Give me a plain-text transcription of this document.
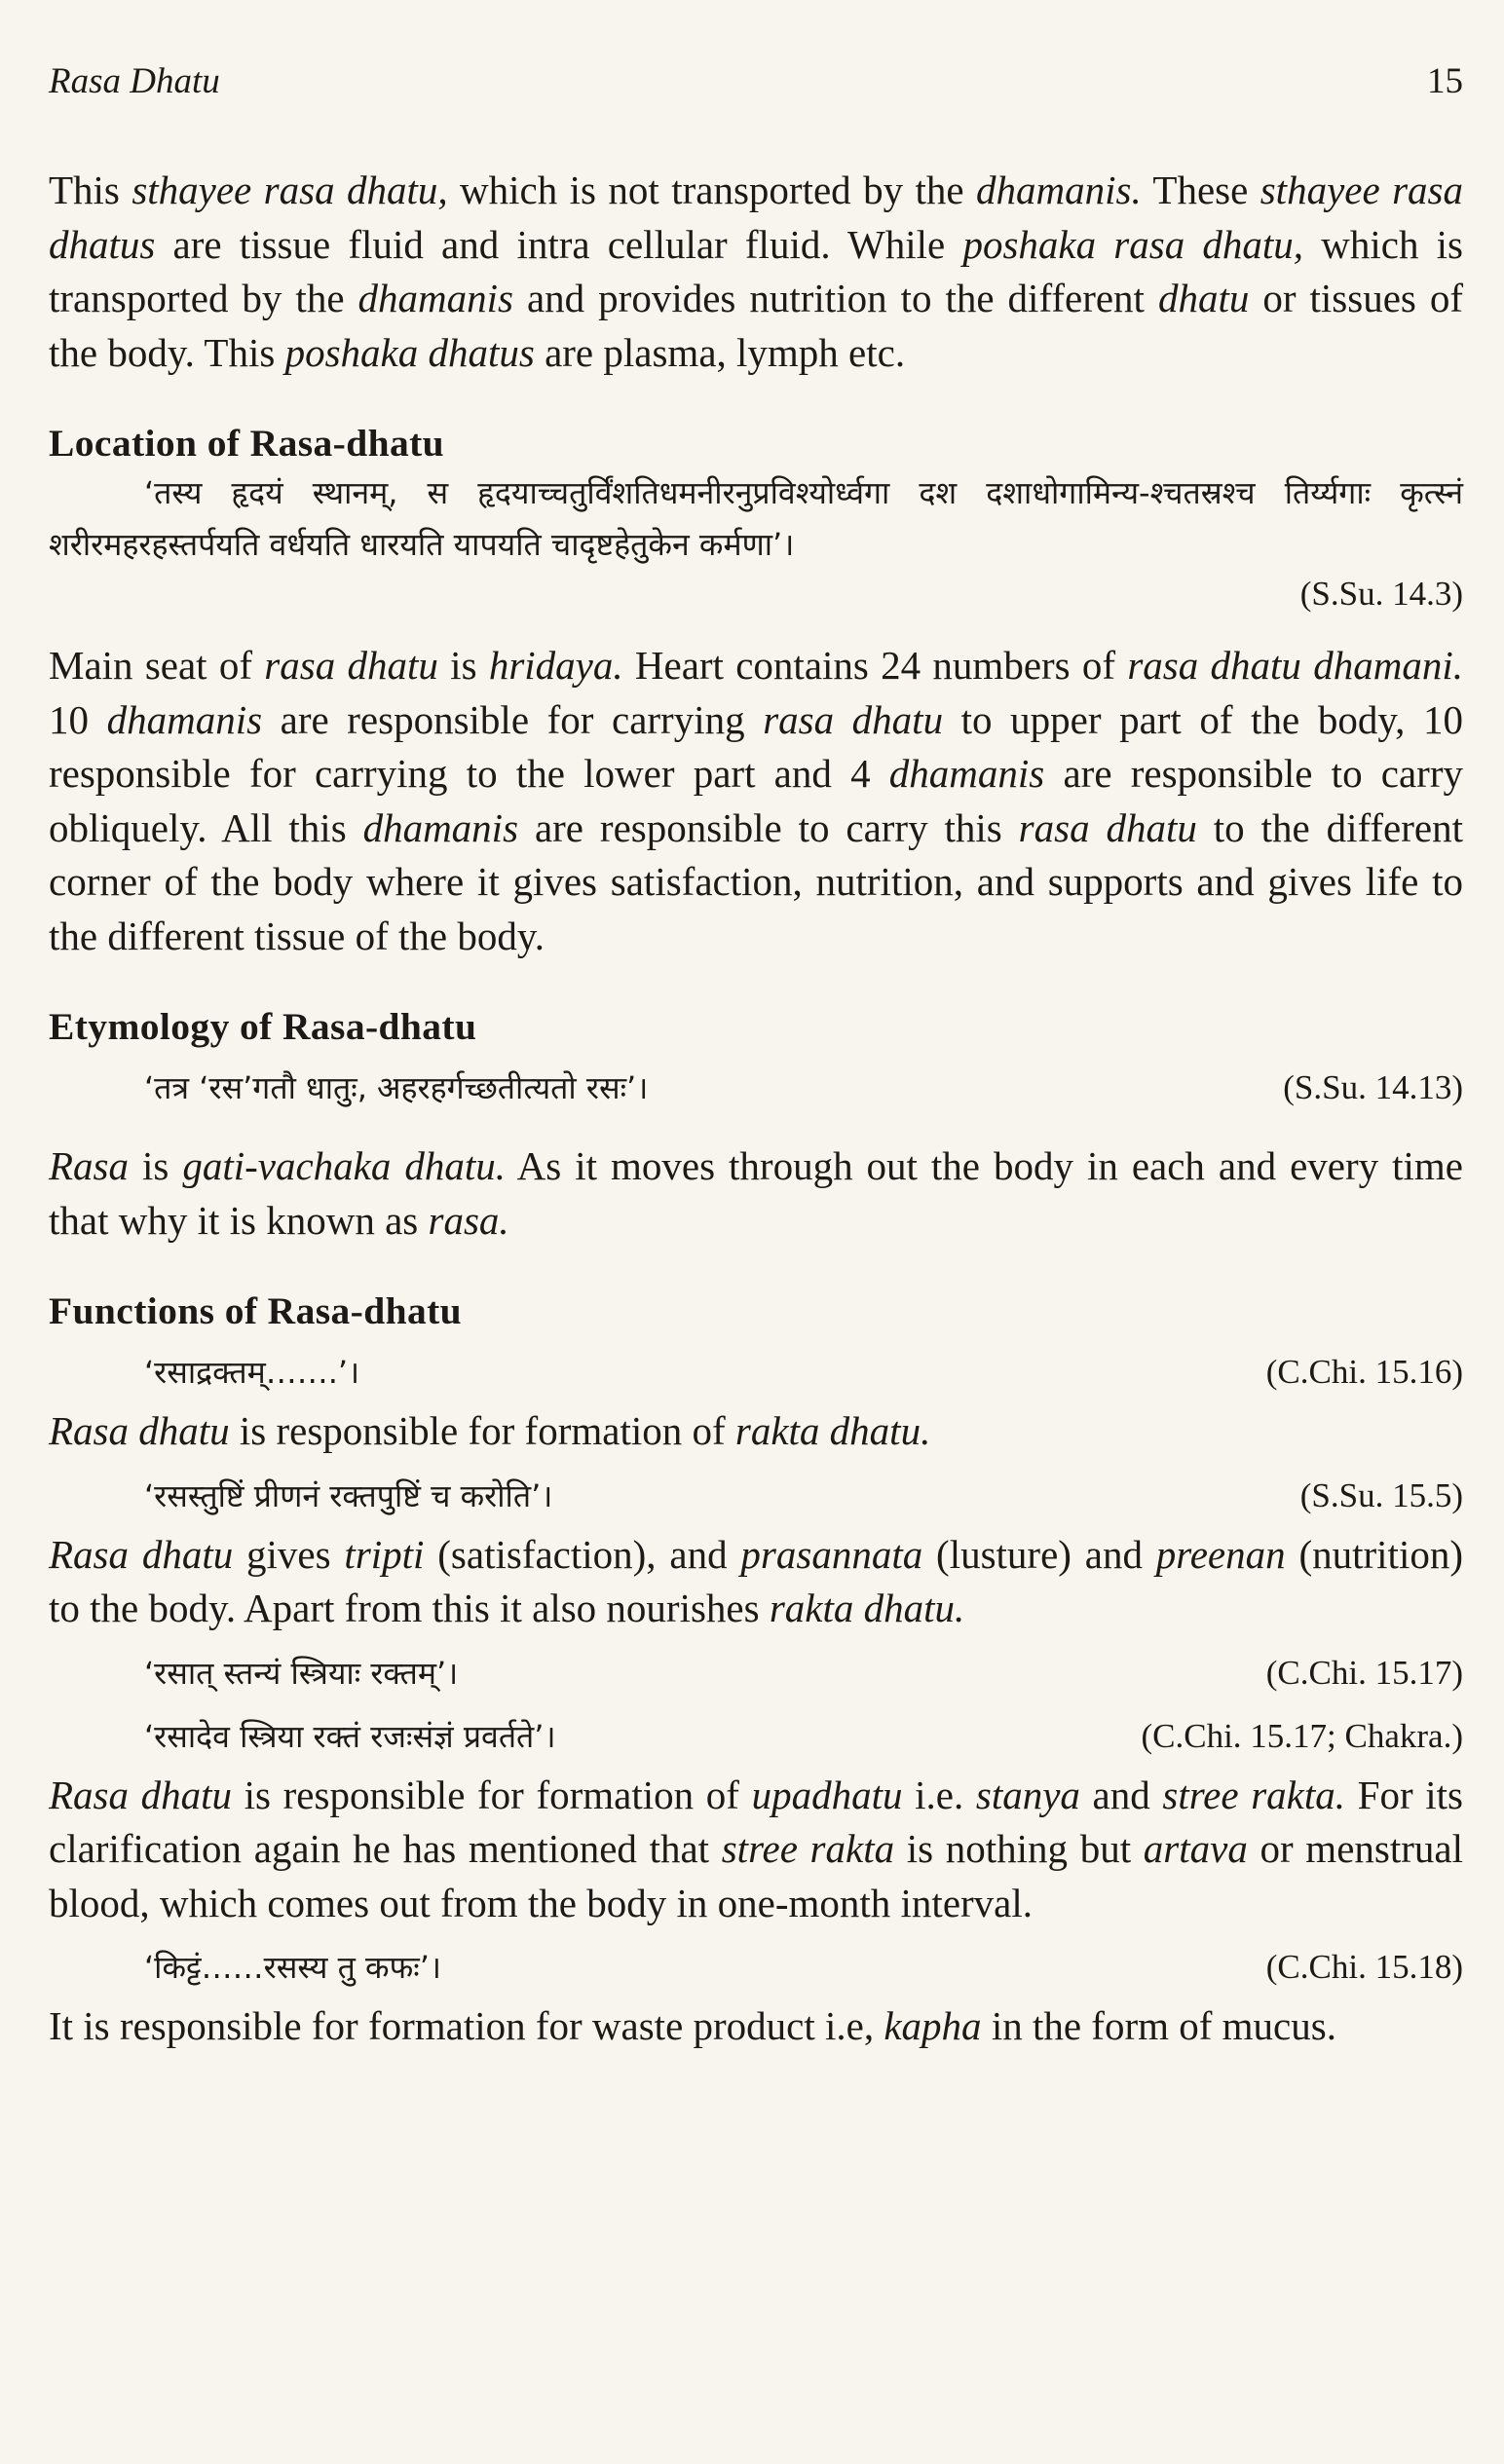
Rasa Dhatu	15

This sthayee rasa dhatu, which is not transported by the dhamanis. These sthayee rasa dhatus are tissue fluid and intra cellular fluid. While poshaka rasa dhatu, which is transported by the dhamanis and provides nutrition to the different dhatu or tissues of the body. This poshaka dhatus are plasma, lymph etc.

Location of Rasa-dhatu

‘तस्य हृदयं स्थानम्, स हृदयाच्चतुर्विंशतिधमनीरनुप्रविश्योर्ध्वगा दश दशाधोगामिन्य-श्चतस्रश्च तिर्य्यगाः कृत्स्नं शरीरमहरहस्तर्पयति वर्धयति धारयति यापयति चादृष्टहेतुकेन कर्मणा’।

(S.Su. 14.3)

Main seat of rasa dhatu is hridaya. Heart contains 24 numbers of rasa dhatu dhamani. 10 dhamanis are responsible for carrying rasa dhatu to upper part of the body, 10 responsible for carrying to the lower part and 4 dhamanis are responsible to carry obliquely. All this dhamanis are responsible to carry this rasa dhatu to the different corner of the body where it gives satisfaction, nutrition, and supports and gives life to the different tissue of the body.

Etymology of Rasa-dhatu
‘तत्र ‘रस’गतौ धातुः, अहरहर्गच्छतीत्यतो रसः’।	(S.Su. 14.13)

Rasa is gati-vachaka dhatu. As it moves through out the body in each and every time that why it is known as rasa.

Functions of Rasa-dhatu
‘रसाद्रक्तम्…….’।	(C.Chi. 15.16)

Rasa dhatu is responsible for formation of rakta dhatu.

‘रसस्तुष्टिं प्रीणनं रक्तपुष्टिं च करोति’।	(S.Su. 15.5)

Rasa dhatu gives tripti (satisfaction), and prasannata (lusture) and preenan (nutrition) to the body. Apart from this it also nourishes rakta dhatu.

‘रसात् स्तन्यं स्त्रियाः रक्तम्’।	(C.Chi. 15.17)
‘रसादेव स्त्रिया रक्तं रजःसंज्ञं प्रवर्तते’।	(C.Chi. 15.17; Chakra.)

Rasa dhatu is responsible for formation of upadhatu i.e. stanya and stree rakta. For its clarification again he has mentioned that stree rakta is nothing but artava or menstrual blood, which comes out from the body in one-month interval.

‘किट्टं……रसस्य तु कफः’।	(C.Chi. 15.18)

It is responsible for formation for waste product i.e, kapha in the form of mucus.
